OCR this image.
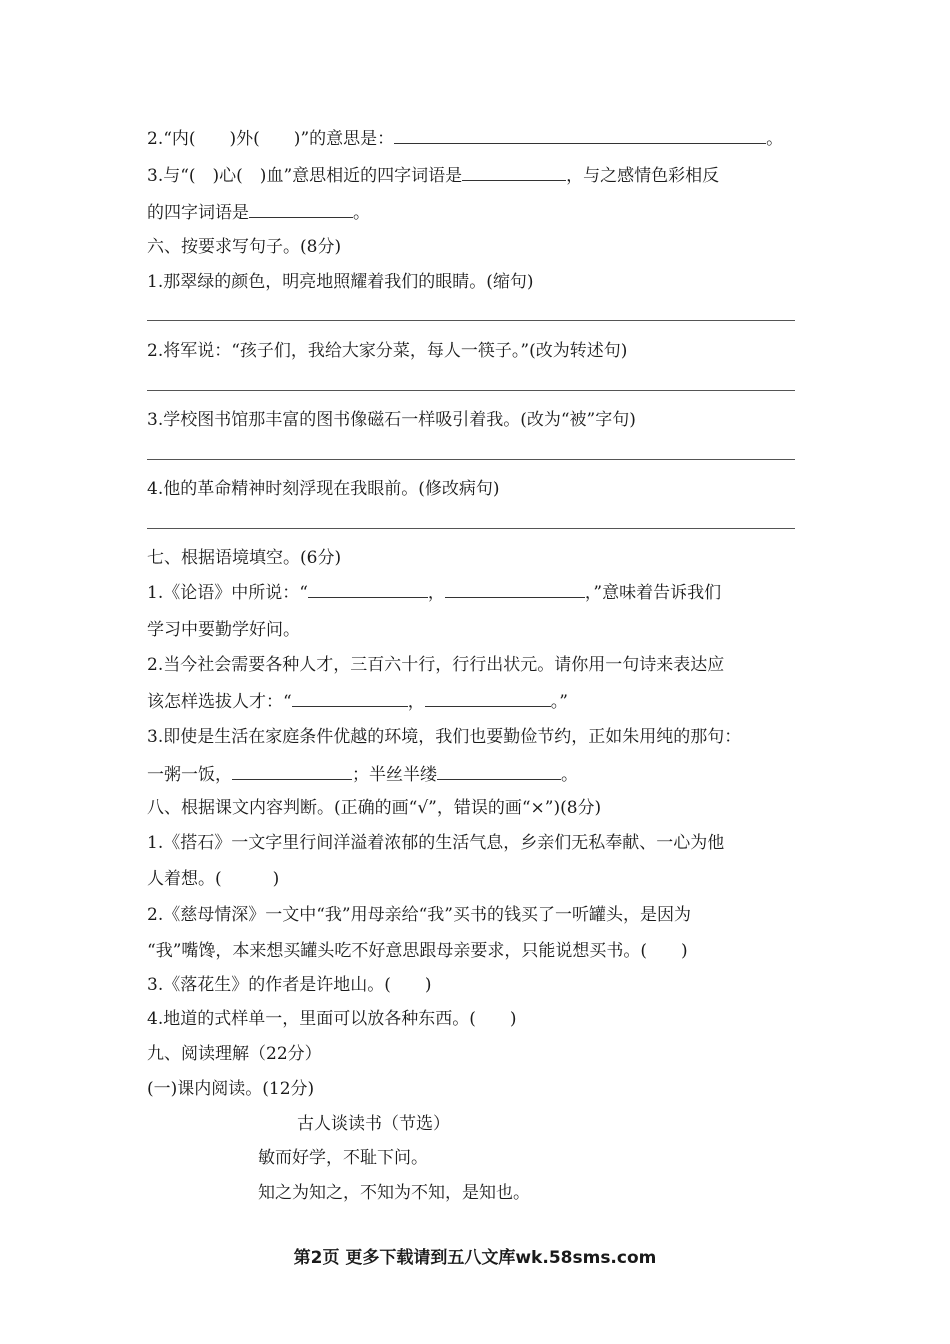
2.“内(　　)外(　　)”的意思是：	。
3.与“(　)心(　)血”意思相近的四字词语是	，与之感情色彩相反
的四字词语是	。
六、按要求写句子。(8分)
1.那翠绿的颜色，明亮地照耀着我们的眼睛。(缩句)
2.将军说：“孩子们，我给大家分菜，每人一筷子。”(改为转述句)
3.学校图书馆那丰富的图书像磁石一样吸引着我。(改为“被”字句)
4.他的革命精神时刻浮现在我眼前。(修改病句)
七、根据语境填空。(6分)
1.《论语》中所说：“	，	，”意味着告诉我们
学习中要勤学好问。
2.当今社会需要各种人才，三百六十行，行行出状元。请你用一句诗来表达应
该怎样选拔人才：“	，	。”
3.即使是生活在家庭条件优越的环境，我们也要勤俭节约，正如朱用纯的那句：
一粥一饭，	；半丝半缕	。
八、根据课文内容判断。(正确的画“√”，错误的画“×”)(8分)
1.《搭石》一文字里行间洋溢着浓郁的生活气息，乡亲们无私奉献、一心为他
人着想。(　　　)
2.《慈母情深》一文中“我”用母亲给“我”买书的钱买了一听罐头，是因为
“我”嘴馋，本来想买罐头吃不好意思跟母亲要求，只能说想买书。(　　)
3.《落花生》的作者是许地山。(　　)
4.地道的式样单一，里面可以放各种东西。(　　)
九、阅读理解（22分）
(一)课内阅读。(12分)
古人谈读书（节选）
敏而好学，不耻下问。
知之为知之，不知为不知，是知也。
第2页 更多下载请到五八文库wk.58sms.com
